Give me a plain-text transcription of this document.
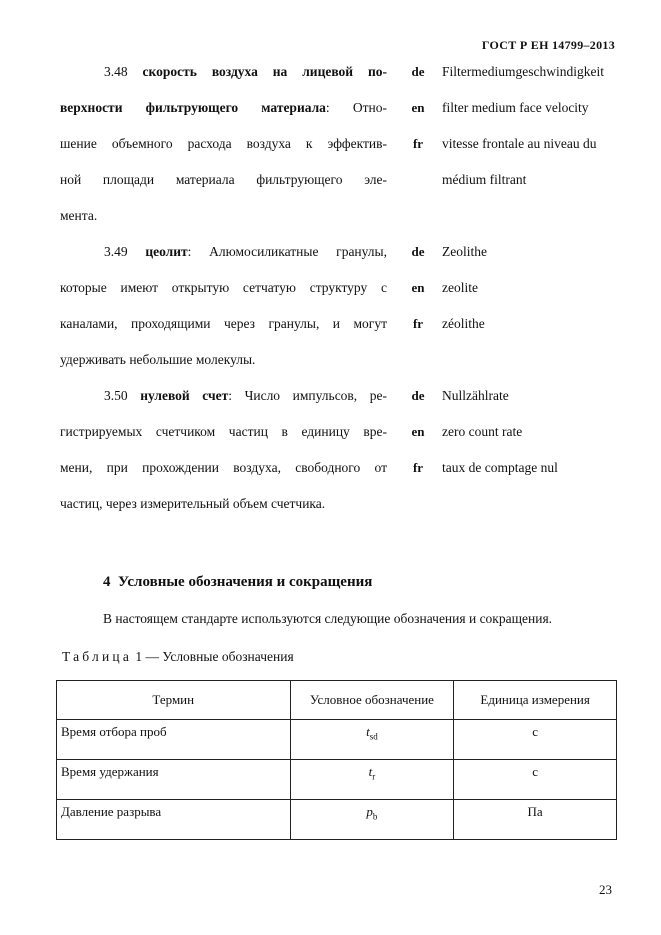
ГОСТ Р ЕН 14799–2013
3.48 скорость воздуха на лицевой по-
верхности фильтрующего материала: Отно-
шение объемного расхода воздуха к эффектив-
ной площади материала фильтрующего эле-
мента.
de
en
fr
Filtermediumgeschwindigkeit
filter medium face velocity
vitesse frontale au niveau du
médium filtrant
3.49 цеолит: Алюмосиликатные гранулы,
которые имеют открытую сетчатую структуру с
каналами, проходящими через гранулы, и могут
удерживать небольшие молекулы.
de
en
fr
Zeolithe
zeolite
zéolithe
3.50 нулевой счет: Число импульсов, ре-
гистрируемых счетчиком частиц в единицу вре-
мени, при прохождении воздуха, свободного от
частиц, через измерительный объем счетчика.
de
en
fr
Nullzählrate
zero count rate
taux de comptage nul
4 Условные обозначения и сокращения
В настоящем стандарте используются следующие обозначения и сокращения.
Таблица 1 — Условные обозначения
Термин	Условное обозначение	Единица измерения
Время отбора проб	$t_{sd}$	с
Время удержания	$t_r$	с
Давление разрыва	$p_b$	Па
23
